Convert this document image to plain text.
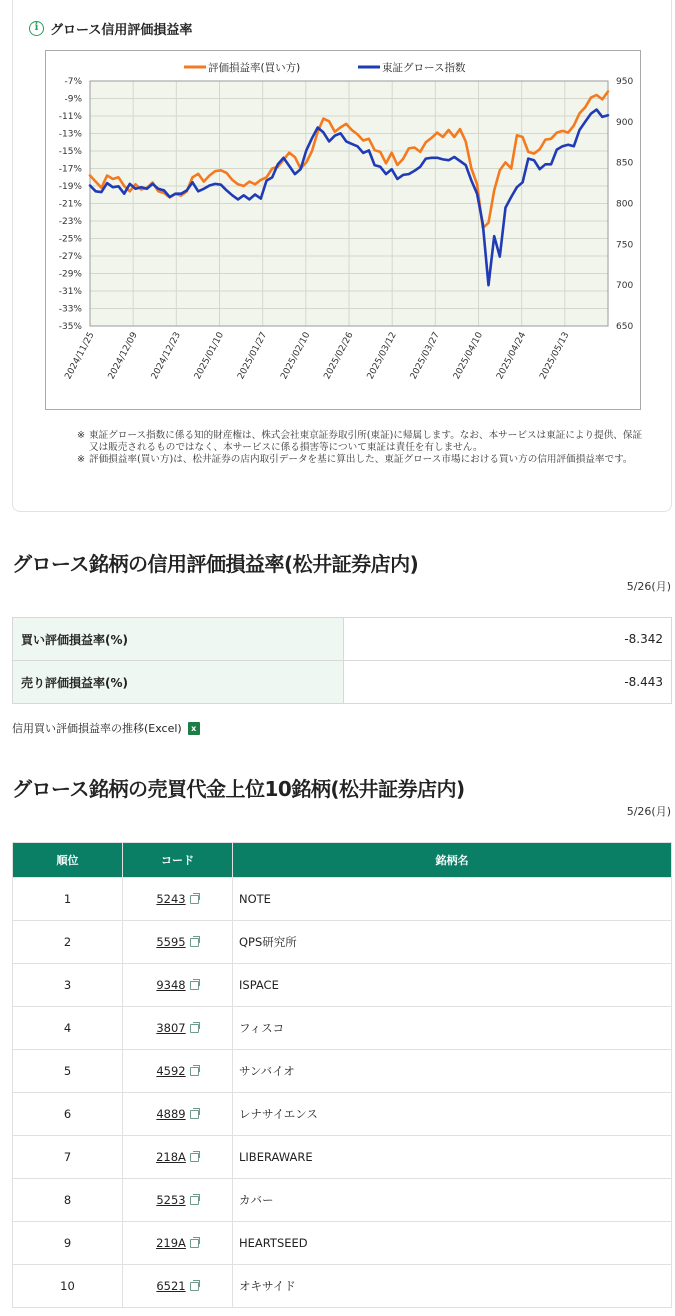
i グロース信用評価損益率
-7%
-9%
-11%
-13%
-15%
-17%
-19%
-21%
-23%
-25%
-27%
-29%
-31%
-33%
-35%
950
900
850
800
750
700
650
2024/11/25 2024/12/09 2024/12/23 2025/01/10 2025/01/27 2025/02/10 2025/02/26 2025/03/12 2025/03/27 2025/04/10 2025/04/24 2025/05/13
評価損益率(買い方)	東証グロース指数

※ 東証グロース指数に係る知的財産権は、株式会社東京証券取引所(東証)に帰属します。なお、本サービスは東証により提供、保証又は販売されるものではなく、本サービスに係る損害等について東証は責任を有しません。

※ 評価損益率(買い方)は、松井証券の店内取引データを基に算出した、東証グロース市場における買い方の信用評価損益率です。

グロース銘柄の信用評価損益率(松井証券店内)
5/26(月)
買い評価損益率(%)	-8.342
売り評価損益率(%)	-8.443
信用買い評価損益率の推移(Excel)	x
グロース銘柄の売買代金上位10銘柄(松井証券店内)
5/26(月)
順位	コード	銘柄名
1	5243	NOTE
2	5595	QPS研究所
3	9348	ISPACE
4	3807	フィスコ
5	4592	サンバイオ
6	4889	レナサイエンス
7	218A	LIBERAWARE
8	5253	カバー
9	219A	HEARTSEED
10	6521	オキサイド
